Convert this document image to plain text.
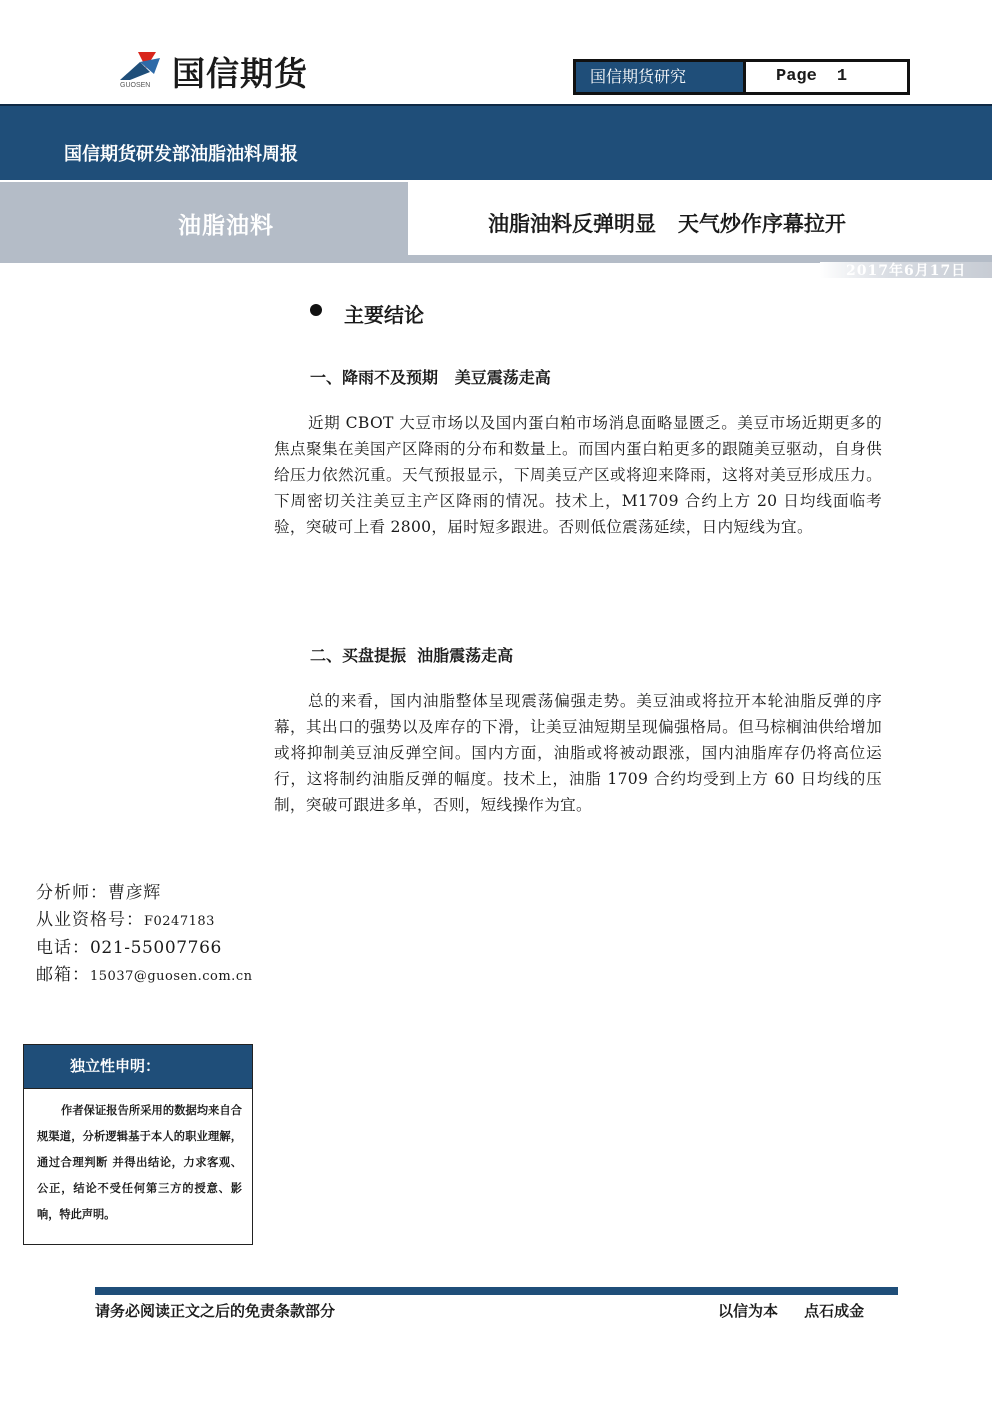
国信期货
GUOSEN	国信期货研究	Page 1
国信期货研发部油脂油料周报
油脂油料	油脂油料反弹明显   天气炒作序幕拉开
2017年6月17日
主要结论
一、降雨不及预期   美豆震荡走高
近期 CBOT 大豆市场以及国内蛋白粕市场消息面略显匮乏。美豆市场近期更多的焦点聚集在美国产区降雨的分布和数量上。而国内蛋白粕更多的跟随美豆驱动，自身供给压力依然沉重。天气预报显示，下周美豆产区或将迎来降雨，这将对美豆形成压力。下周密切关注美豆主产区降雨的情况。技术上，M1709 合约上方 20 日均线面临考验，突破可上看 2800，届时短多跟进。否则低位震荡延续，日内短线为宜。
二、买盘提振  油脂震荡走高
总的来看，国内油脂整体呈现震荡偏强走势。美豆油或将拉开本轮油脂反弹的序幕，其出口的强势以及库存的下滑，让美豆油短期呈现偏强格局。但马棕榈油供给增加或将抑制美豆油反弹空间。国内方面，油脂或将被动跟涨，国内油脂库存仍将高位运行，这将制约油脂反弹的幅度。技术上，油脂 1709 合约均受到上方 60 日均线的压制，突破可跟进多单，否则，短线操作为宜。
分析师：曹彦辉
从业资格号：F0247183
电话：021-55007766
邮箱：15037@guosen.com.cn
独立性申明：
作者保证报告所采用的数据均来自合规渠道，分析逻辑基于本人的职业理解，通过合理判断 并得出结论，力求客观、公正，结论不受任何第三方的授意、影响，特此声明。
请务必阅读正文之后的免责条款部分	以信为本     点石成金
